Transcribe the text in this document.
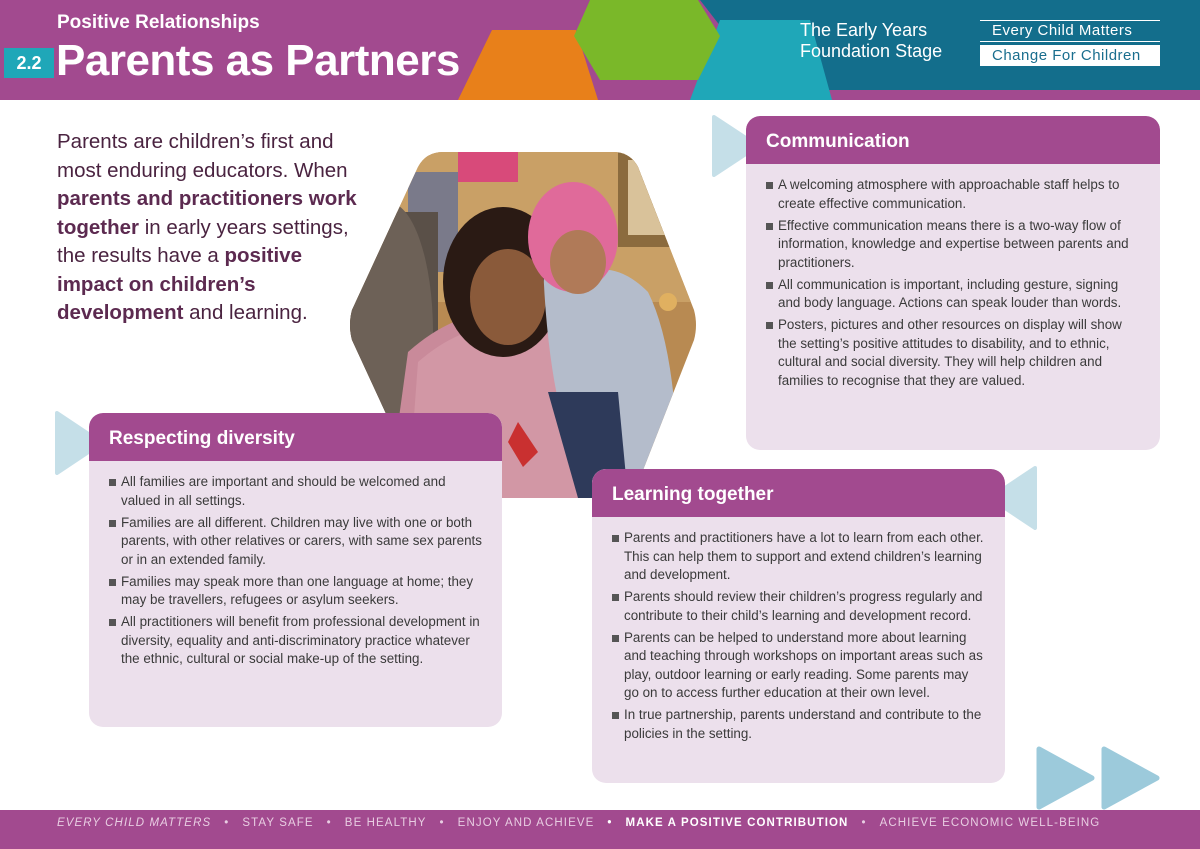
Positive Relationships
2.2 Parents as Partners
The Early Years
Foundation Stage
Every Child Matters
Change For Children
Parents are children’s first and most enduring educators. When parents and practitioners work together in early years settings, the results have a positive impact on children’s development and learning.
Communication
A welcoming atmosphere with approachable staff helps to create effective communication.
Effective communication means there is a two-way flow of information, knowledge and expertise between parents and practitioners.
All communication is important, including gesture, signing and body language. Actions can speak louder than words.
Posters, pictures and other resources on display will show the setting’s positive attitudes to disability, and to ethnic, cultural and social diversity. They will help children and families to recognise that they are valued.
Respecting diversity
All families are important and should be welcomed and valued in all settings.
Families are all different. Children may live with one or both parents, with other relatives or carers, with same sex parents or in an extended family.
Families may speak more than one language at home; they may be travellers, refugees or asylum seekers.
All practitioners will benefit from professional development in diversity, equality and anti-discriminatory practice whatever the ethnic, cultural or social make-up of the setting.
Learning together
Parents and practitioners have a lot to learn from each other. This can help them to support and extend children’s learning and development.
Parents should review their children’s progress regularly and contribute to their child’s learning and development record.
Parents can be helped to understand more about learning and teaching through workshops on important areas such as play, outdoor learning or early reading. Some parents may go on to access further education at their own level.
In true partnership, parents understand and contribute to the policies in the setting.
EVERY CHILD MATTERS • STAY SAFE • BE HEALTHY • ENJOY AND ACHIEVE • MAKE A POSITIVE CONTRIBUTION • ACHIEVE ECONOMIC WELL-BEING
